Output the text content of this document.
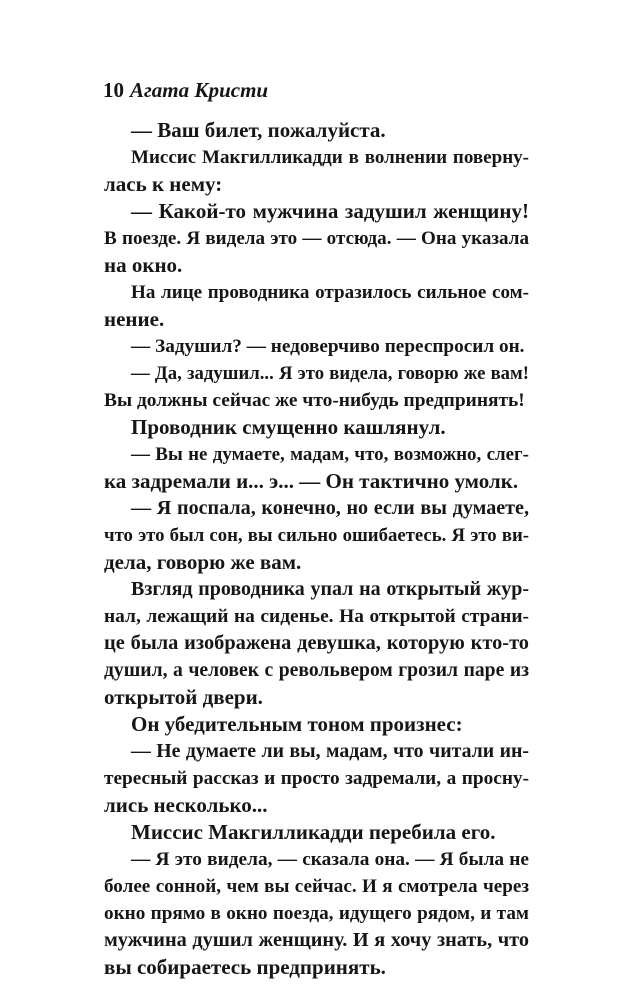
10 Агата Кристи
— Ваш билет, пожалуйста.
Миссис Макгилликадди в волнении поверну-
лась к нему:
— Какой-то мужчина задушил женщину!
В поезде. Я видела это — отсюда. — Она указала
на окно.
На лице проводника отразилось сильное сом-
нение.
— Задушил? — недоверчиво переспросил он.
— Да, задушил... Я это видела, говорю же вам!
Вы должны сейчас же что-нибудь предпринять!
Проводник смущенно кашлянул.
— Вы не думаете, мадам, что, возможно, слег-
ка задремали и... э... — Он тактично умолк.
— Я поспала, конечно, но если вы думаете,
что это был сон, вы сильно ошибаетесь. Я это ви-
дела, говорю же вам.
Взгляд проводника упал на открытый жур-
нал, лежащий на сиденье. На открытой страни-
це была изображена девушка, которую кто-то
душил, а человек с револьвером грозил паре из
открытой двери.
Он убедительным тоном произнес:
— Не думаете ли вы, мадам, что читали ин-
тересный рассказ и просто задремали, а просну-
лись несколько...
Миссис Макгилликадди перебила его.
— Я это видела, — сказала она. — Я была не
более сонной, чем вы сейчас. И я смотрела через
окно прямо в окно поезда, идущего рядом, и там
мужчина душил женщину. И я хочу знать, что
вы собираетесь предпринять.
